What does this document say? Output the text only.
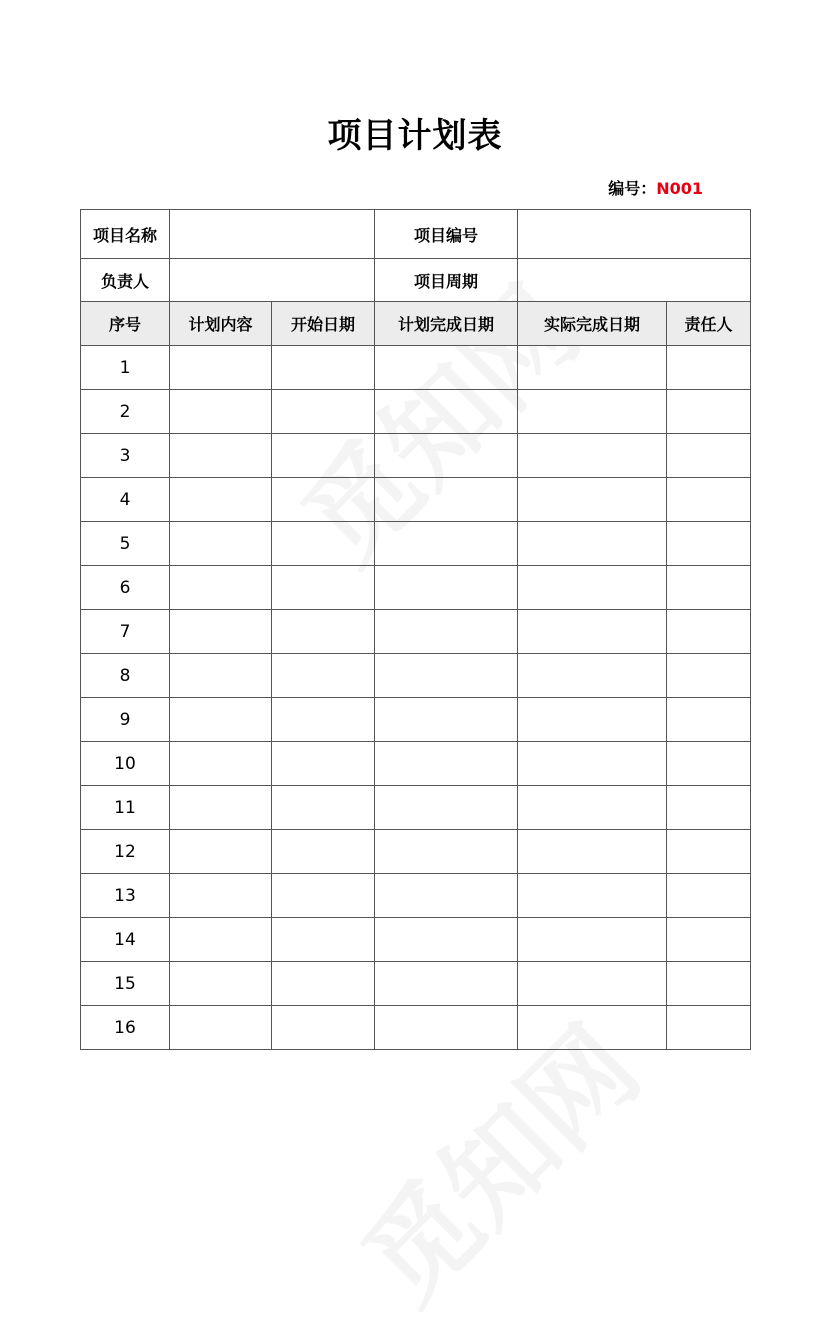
项目计划表
编号：N001
项目名称			项目编号		
负责人			项目周期		
序号	计划内容	开始日期	计划完成日期	实际完成日期	责任人
1					
2					
3					
4					
5					
6					
7					
8					
9					
10					
11					
12					
13					
14					
15					
16					
